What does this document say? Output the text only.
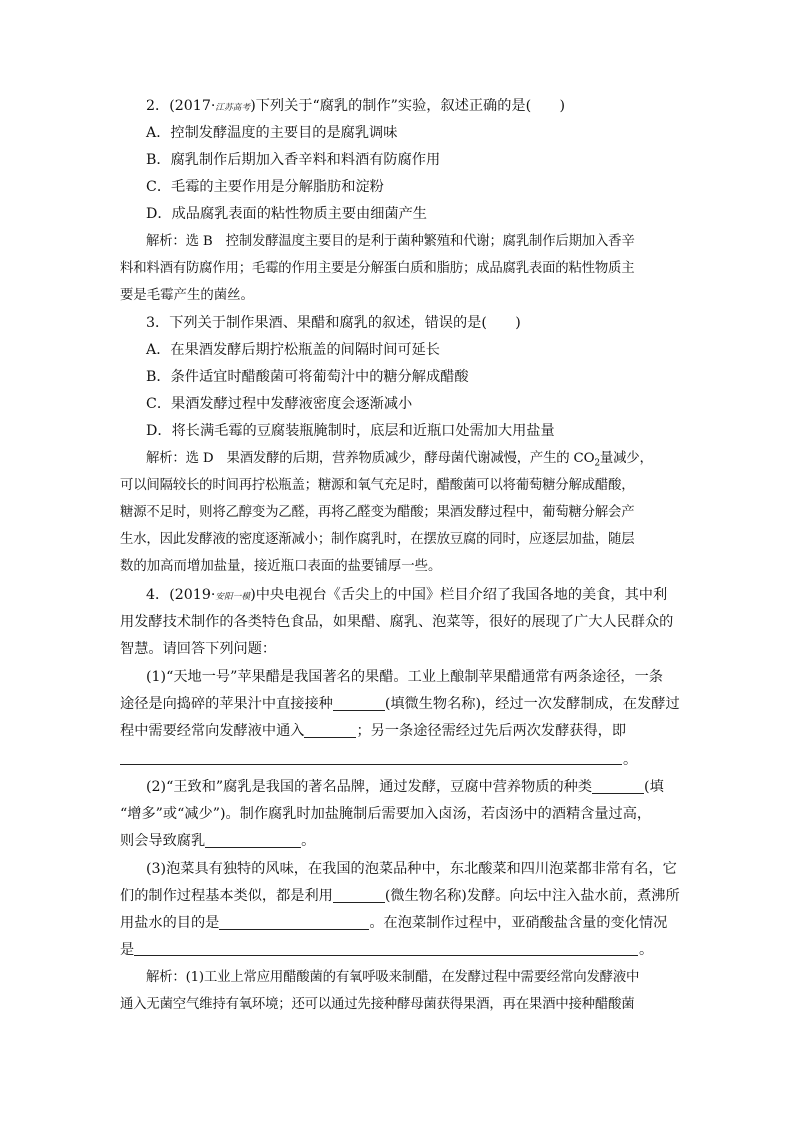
2．(2017·江苏高考)下列关于“腐乳的制作”实验，叙述正确的是(　　)
A．控制发酵温度的主要目的是腐乳调味
B．腐乳制作后期加入香辛料和料酒有防腐作用
C．毛霉的主要作用是分解脂肪和淀粉
D．成品腐乳表面的粘性物质主要由细菌产生
解析：选 B　控制发酵温度主要目的是利于菌种繁殖和代谢；腐乳制作后期加入香辛
料和料酒有防腐作用；毛霉的作用主要是分解蛋白质和脂肪；成品腐乳表面的粘性物质主
要是毛霉产生的菌丝。
3．下列关于制作果酒、果醋和腐乳的叙述，错误的是(　　)
A．在果酒发酵后期拧松瓶盖的间隔时间可延长
B．条件适宜时醋酸菌可将葡萄汁中的糖分解成醋酸
C．果酒发酵过程中发酵液密度会逐渐减小
D．将长满毛霉的豆腐装瓶腌制时，底层和近瓶口处需加大用盐量
解析：选 D　果酒发酵的后期，营养物质减少，酵母菌代谢减慢，产生的 $CO_2$量减少，
可以间隔较长的时间再拧松瓶盖；糖源和氧气充足时，醋酸菌可以将葡萄糖分解成醋酸，
糖源不足时，则将乙醇变为乙醛，再将乙醛变为醋酸；果酒发酵过程中，葡萄糖分解会产
生水，因此发酵液的密度逐渐减小；制作腐乳时，在摆放豆腐的同时，应逐层加盐，随层
数的加高而增加盐量，接近瓶口表面的盐要铺厚一些。
4．(2019·安阳一模)中央电视台《舌尖上的中国》栏目介绍了我国各地的美食，其中利
用发酵技术制作的各类特色食品，如果醋、腐乳、泡菜等，很好的展现了广大人民群众的
智慧。请回答下列问题：
(1)“天地一号”苹果醋是我国著名的果醋。工业上酿制苹果醋通常有两条途径，一条
途径是向捣碎的苹果汁中直接接种	(填微生物名称)，经过一次发酵制成，在发酵过
程中需要经常向发酵液中通入	；另一条途径需经过先后两次发酵获得，即
。
(2)“王致和”腐乳是我国的著名品牌，通过发酵，豆腐中营养物质的种类	(填
“增多”或“减少”)。制作腐乳时加盐腌制后需要加入卤汤，若卤汤中的酒精含量过高，
则会导致腐乳	。
(3)泡菜具有独特的风味，在我国的泡菜品种中，东北酸菜和四川泡菜都非常有名，它
们的制作过程基本类似，都是利用	(微生物名称)发酵。向坛中注入盐水前，煮沸所
用盐水的目的是	。在泡菜制作过程中，亚硝酸盐含量的变化情况
是	。
解析：(1)工业上常应用醋酸菌的有氧呼吸来制醋，在发酵过程中需要经常向发酵液中
通入无菌空气维持有氧环境；还可以通过先接种酵母菌获得果酒，再在果酒中接种醋酸菌
